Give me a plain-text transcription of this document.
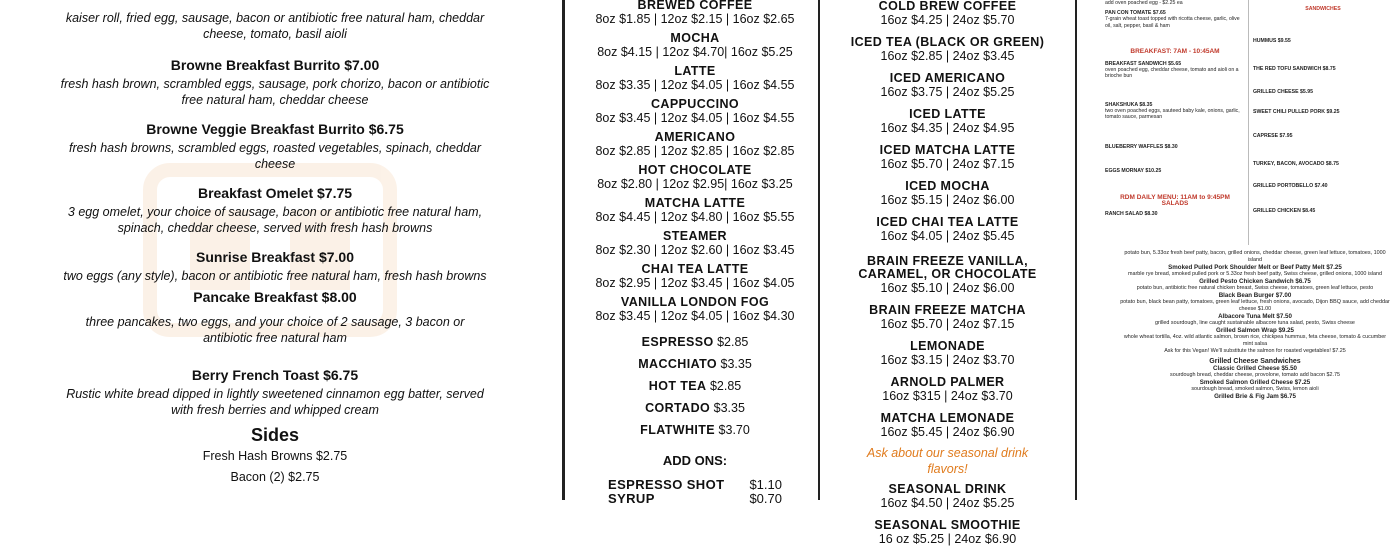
kaiser roll, fried egg, sausage, bacon or antibiotic free natural ham, cheddar cheese, tomato, basil aioli
Browne Breakfast Burrito $7.00
fresh hash brown, scrambled eggs, sausage, pork chorizo, bacon or antibiotic free natural ham, cheddar cheese
Browne Veggie Breakfast Burrito $6.75
fresh hash browns, scrambled eggs, roasted vegetables, spinach, cheddar cheese
Breakfast Omelet $7.75
3 egg omelet, your choice of sausage, bacon or antibiotic free natural ham, spinach, cheddar cheese, served with fresh hash browns
Sunrise Breakfast $7.00
two eggs (any style), bacon or antibiotic free natural ham, fresh hash browns
Pancake Breakfast $8.00
three pancakes, two eggs, and your choice of 2 sausage, 3 bacon or antibiotic free natural ham
Berry French Toast $6.75
Rustic white bread dipped in lightly sweetened cinnamon egg batter, served with fresh berries and whipped cream
Sides
Fresh Hash Browns $2.75
Bacon (2) $2.75
BREWED COFFEE
8oz $1.85 | 12oz $2.15 | 16oz $2.65
MOCHA
8oz $4.15 | 12oz $4.70| 16oz $5.25
LATTE
8oz $3.35 | 12oz $4.05 | 16oz $4.55
CAPPUCCINO
8oz $3.45 | 12oz $4.05 | 16oz $4.55
AMERICANO
8oz $2.85 | 12oz $2.85 | 16oz $2.85
HOT CHOCOLATE
8oz $2.80 | 12oz $2.95| 16oz $3.25
MATCHA LATTE
8oz $4.45 | 12oz $4.80 | 16oz $5.55
STEAMER
8oz $2.30 | 12oz $2.60 | 16oz $3.45
CHAI TEA LATTE
8oz $2.95 | 12oz $3.45 | 16oz $4.05
VANILLA LONDON FOG
8oz $3.45 | 12oz $4.05 | 16oz $4.30
ESPRESSO $2.85
MACCHIATO $3.35
HOT TEA $2.85
CORTADO $3.35
FLATWHITE $3.70
ADD ONS:
ESPRESSO SHOT $1.10
SYRUP	$0.70
COLD BREW COFFEE
16oz $4.25 | 24oz $5.70
ICED TEA (BLACK OR GREEN)
16oz $2.85 | 24oz $3.45
ICED AMERICANO
16oz $3.75 | 24oz $5.25
ICED LATTE
16oz $4.35 | 24oz $4.95
ICED MATCHA LATTE
16oz $5.70 | 24oz $7.15
ICED MOCHA
16oz $5.15 | 24oz $6.00
ICED CHAI TEA LATTE
16oz $4.05 | 24oz $5.45
BRAIN FREEZE VANILLA, CARAMEL, OR CHOCOLATE
16oz $5.10 | 24oz $6.00
BRAIN FREEZE MATCHA
16oz $5.70 | 24oz $7.15
LEMONADE
16oz $3.15 | 24oz $3.70
ARNOLD PALMER
16oz $315 | 24oz $3.70
MATCHA LEMONADE
16oz $5.45 | 24oz $6.90
Ask about our seasonal drink flavors!
SEASONAL DRINK
16oz $4.50 | 24oz $5.25
SEASONAL SMOOTHIE
16 oz $5.25 | 24oz $6.90
add oven poached egg - $2.25 ea
PAN CON TOMATE $7.65
7-grain wheat toast topped with ricotta cheese, garlic, olive oil, salt, pepper, basil & ham
BREAKFAST: 7AM - 10:45AM
BREAKFAST SANDWICH $5.65
oven poached egg, cheddar cheese, tomato and aioli on a brioche bun
SHAKSHUKA $8.35
two oven poached eggs, sauteed baby kale, onions, garlic, tomato sauce, parmesan
BLUEBERRY WAFFLES $8.30
EGGS MORNAY $10.25
RDM DAILY MENU: 11AM to 9:45PM
SALADS
RANCH SALAD $8.30
SANDWICHES
HUMMUS $9.55
THE RED TOFU SANDWICH $8.75
GRILLED CHEESE $5.95
SWEET CHILI PULLED PORK $9.25
CAPRESE $7.95
TURKEY, BACON, AVOCADO $8.75
GRILLED PORTOBELLO $7.40
GRILLED CHICKEN $8.45
potato bun, 5.33oz fresh beef patty, bacon, grilled onions, cheddar cheese, green leaf lettuce, tomatoes, 1000 island
Smoked Pulled Pork Shoulder Melt or Beef Patty Melt $7.25
marble rye bread, smoked pulled pork or 5.33oz fresh beef patty, Swiss cheese, grilled onions, 1000 island
Grilled Pesto Chicken Sandwich $6.75
potato bun, antibiotic free natural chicken breast, Swiss cheese, tomatoes, green leaf lettuce, pesto
Black Bean Burger $7.00
potato bun, black bean patty, tomatoes, green leaf lettuce, fresh onions, avocado, Dijon BBQ sauce, add cheddar cheese $1.00
Albacore Tuna Melt $7.50
grilled sourdough, line caught sustainable albacore tuna salad, pesto, Swiss cheese
Grilled Salmon Wrap $9.25
whole wheat tortilla, 4oz. wild atlantic salmon, brown rice, chickpea hummus, feta cheese, tomato & cucumber mint salsa
Ask for this Vegan! We'll substitute the salmon for roasted vegetables! $7.25
Grilled Cheese Sandwiches
Classic Grilled Cheese $5.50
sourdough bread, cheddar cheese, provolone, tomato add bacon $2.75
Smoked Salmon Grilled Cheese $7.25
sourdough bread, smoked salmon, Swiss, lemon aioli
Grilled Brie & Fig Jam $6.75
